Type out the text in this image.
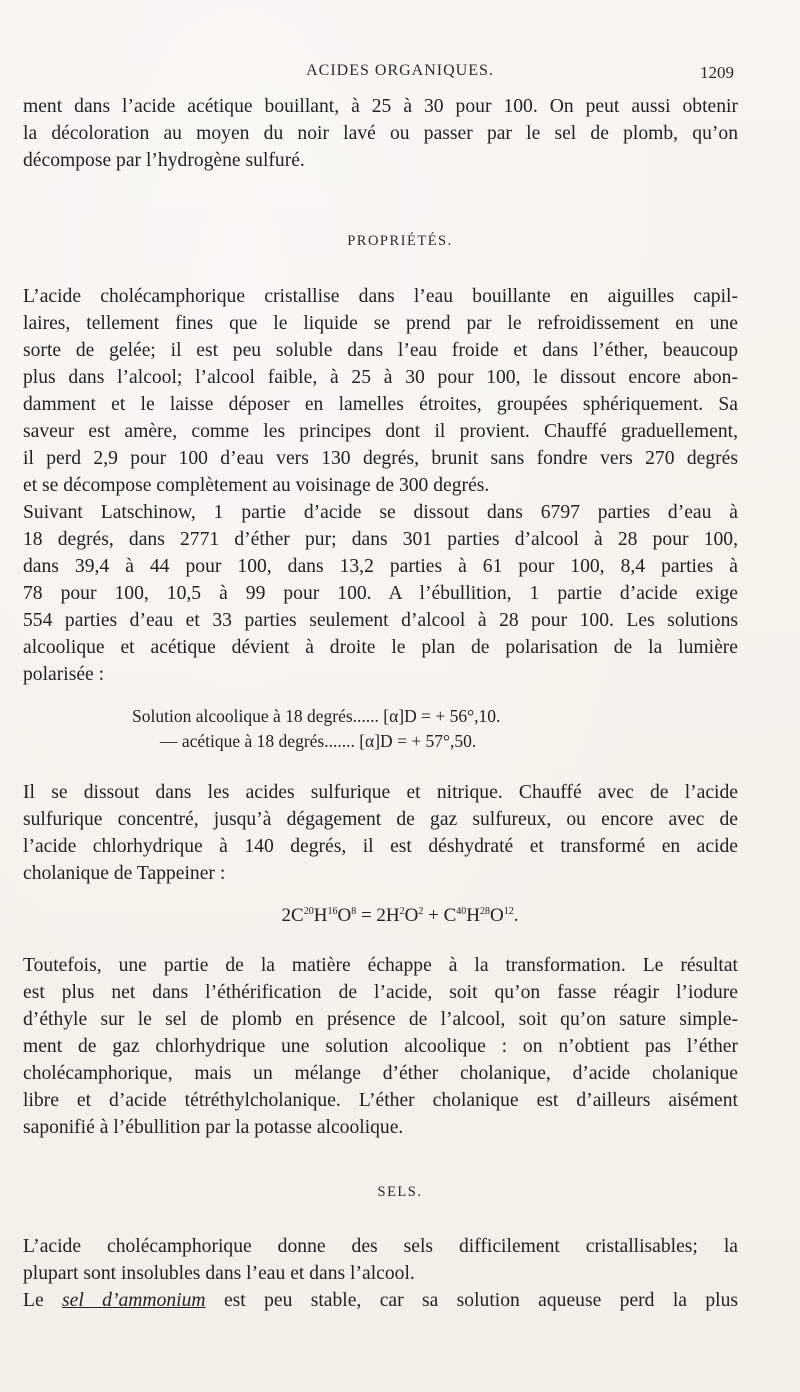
ACIDES ORGANIQUES.	1209
ment dans l’acide acétique bouillant, à 25 à 30 pour 100. On peut aussi obtenir
la décoloration au moyen du noir lavé ou passer par le sel de plomb, qu’on
décompose par l’hydrogène sulfuré.
PROPRIÉTÉS.
L’acide cholécamphorique cristallise dans l’eau bouillante en aiguilles capil-
laires, tellement fines que le liquide se prend par le refroidissement en une
sorte de gelée; il est peu soluble dans l’eau froide et dans l’éther, beaucoup
plus dans l’alcool; l’alcool faible, à 25 à 30 pour 100, le dissout encore abon-
damment et le laisse déposer en lamelles étroites, groupées sphériquement. Sa
saveur est amère, comme les principes dont il provient. Chauffé graduellement,
il perd 2,9 pour 100 d’eau vers 130 degrés, brunit sans fondre vers 270 degrés
et se décompose complètement au voisinage de 300 degrés.
Suivant Latschinow, 1 partie d’acide se dissout dans 6797 parties d’eau à
18 degrés, dans 2771 d’éther pur; dans 301 parties d’alcool à 28 pour 100,
dans 39,4 à 44 pour 100, dans 13,2 parties à 61 pour 100, 8,4 parties à
78 pour 100, 10,5 à 99 pour 100. A l’ébullition, 1 partie d’acide exige
554 parties d’eau et 33 parties seulement d’alcool à 28 pour 100. Les solutions
alcoolique et acétique dévient à droite le plan de polarisation de la lumière
polarisée :
Solution alcoolique à 18 degrés...... [α]D = + 56°,10.
— acétique à 18 degrés....... [α]D = + 57°,50.
Il se dissout dans les acides sulfurique et nitrique. Chauffé avec de l’acide
sulfurique concentré, jusqu’à dégagement de gaz sulfureux, ou encore avec de
l’acide chlorhydrique à 140 degrés, il est déshydraté et transformé en acide
cholanique de Tappeiner :
$2C^{20}H^{16}O^8 = 2H^2O^2 + C^{40}H^{28}O^{12}$.
Toutefois, une partie de la matière échappe à la transformation. Le résultat
est plus net dans l’éthérification de l’acide, soit qu’on fasse réagir l’iodure
d’éthyle sur le sel de plomb en présence de l’alcool, soit qu’on sature simple-
ment de gaz chlorhydrique une solution alcoolique : on n’obtient pas l’éther
cholécamphorique, mais un mélange d’éther cholanique, d’acide cholanique
libre et d’acide tétréthylcholanique. L’éther cholanique est d’ailleurs aisément
saponifié à l’ébullition par la potasse alcoolique.
SELS.
L’acide cholécamphorique donne des sels difficilement cristallisables; la
plupart sont insolubles dans l’eau et dans l’alcool.
Le sel d’ammonium est peu stable, car sa solution aqueuse perd la plus
